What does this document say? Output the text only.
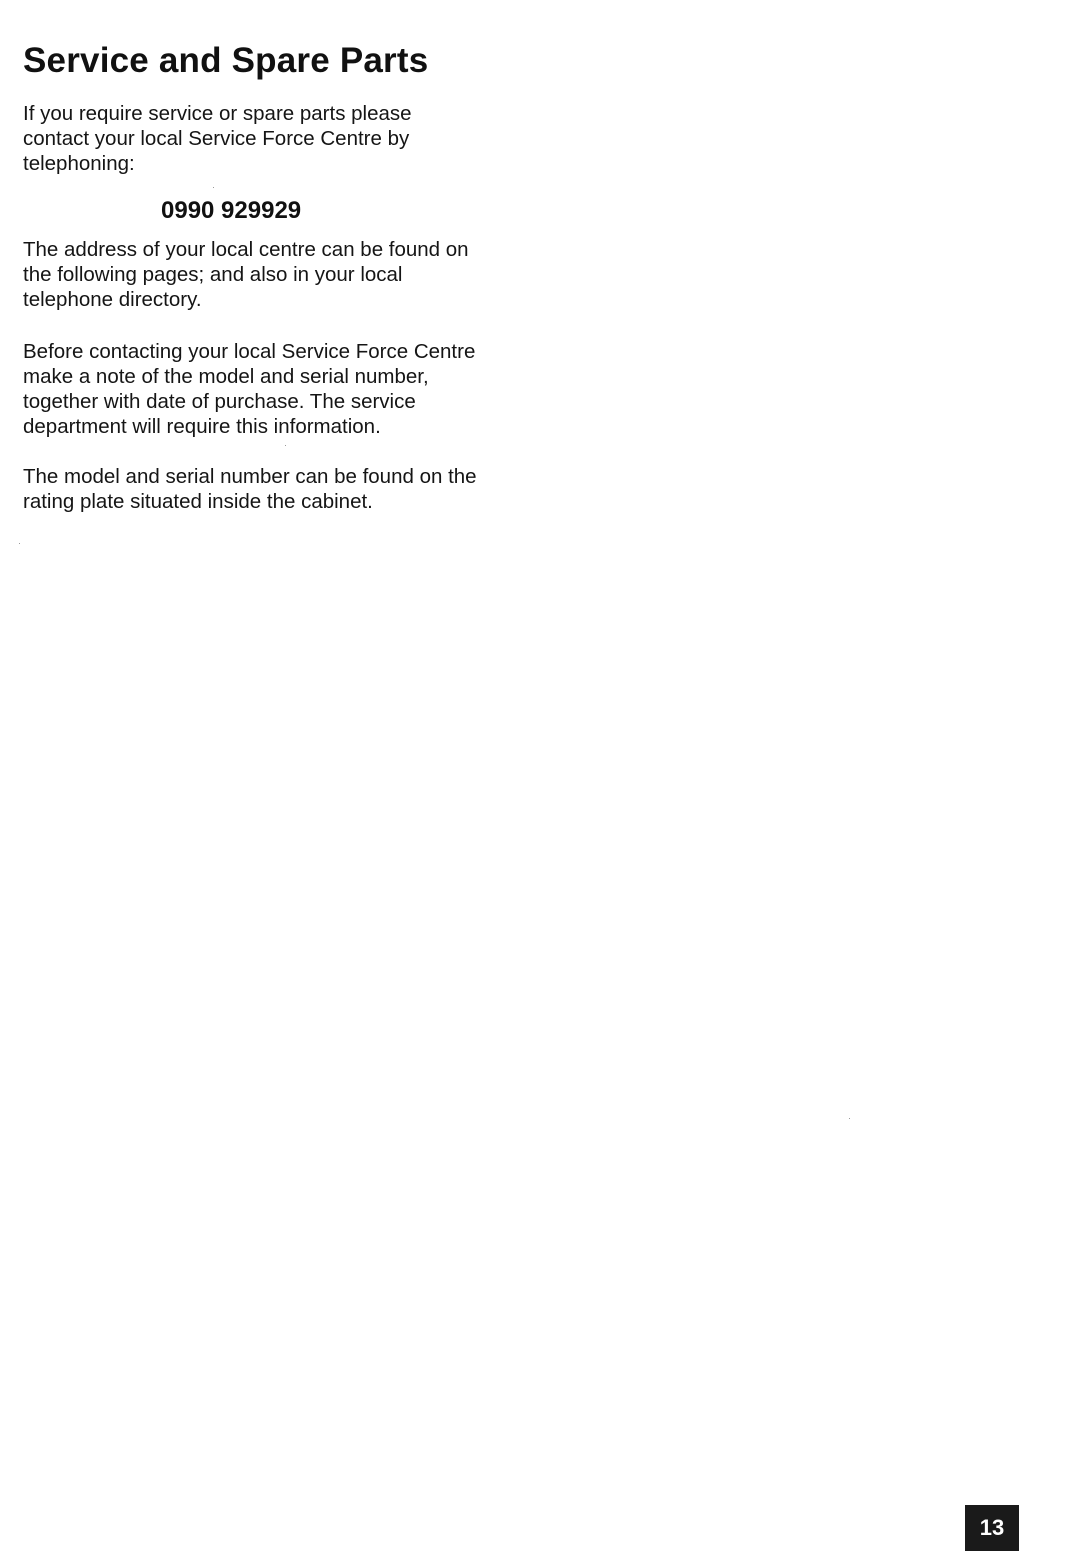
Service and Spare Parts

If you require service or spare parts please
contact your local Service Force Centre by
telephoning:

0990 929929

The address of your local centre can be found on
the following pages; and also in your local
telephone directory.

Before contacting your local Service Force Centre
make a note of the model and serial number,
together with date of purchase. The service
department will require this information.

The model and serial number can be found on the
rating plate situated inside the cabinet.

13
